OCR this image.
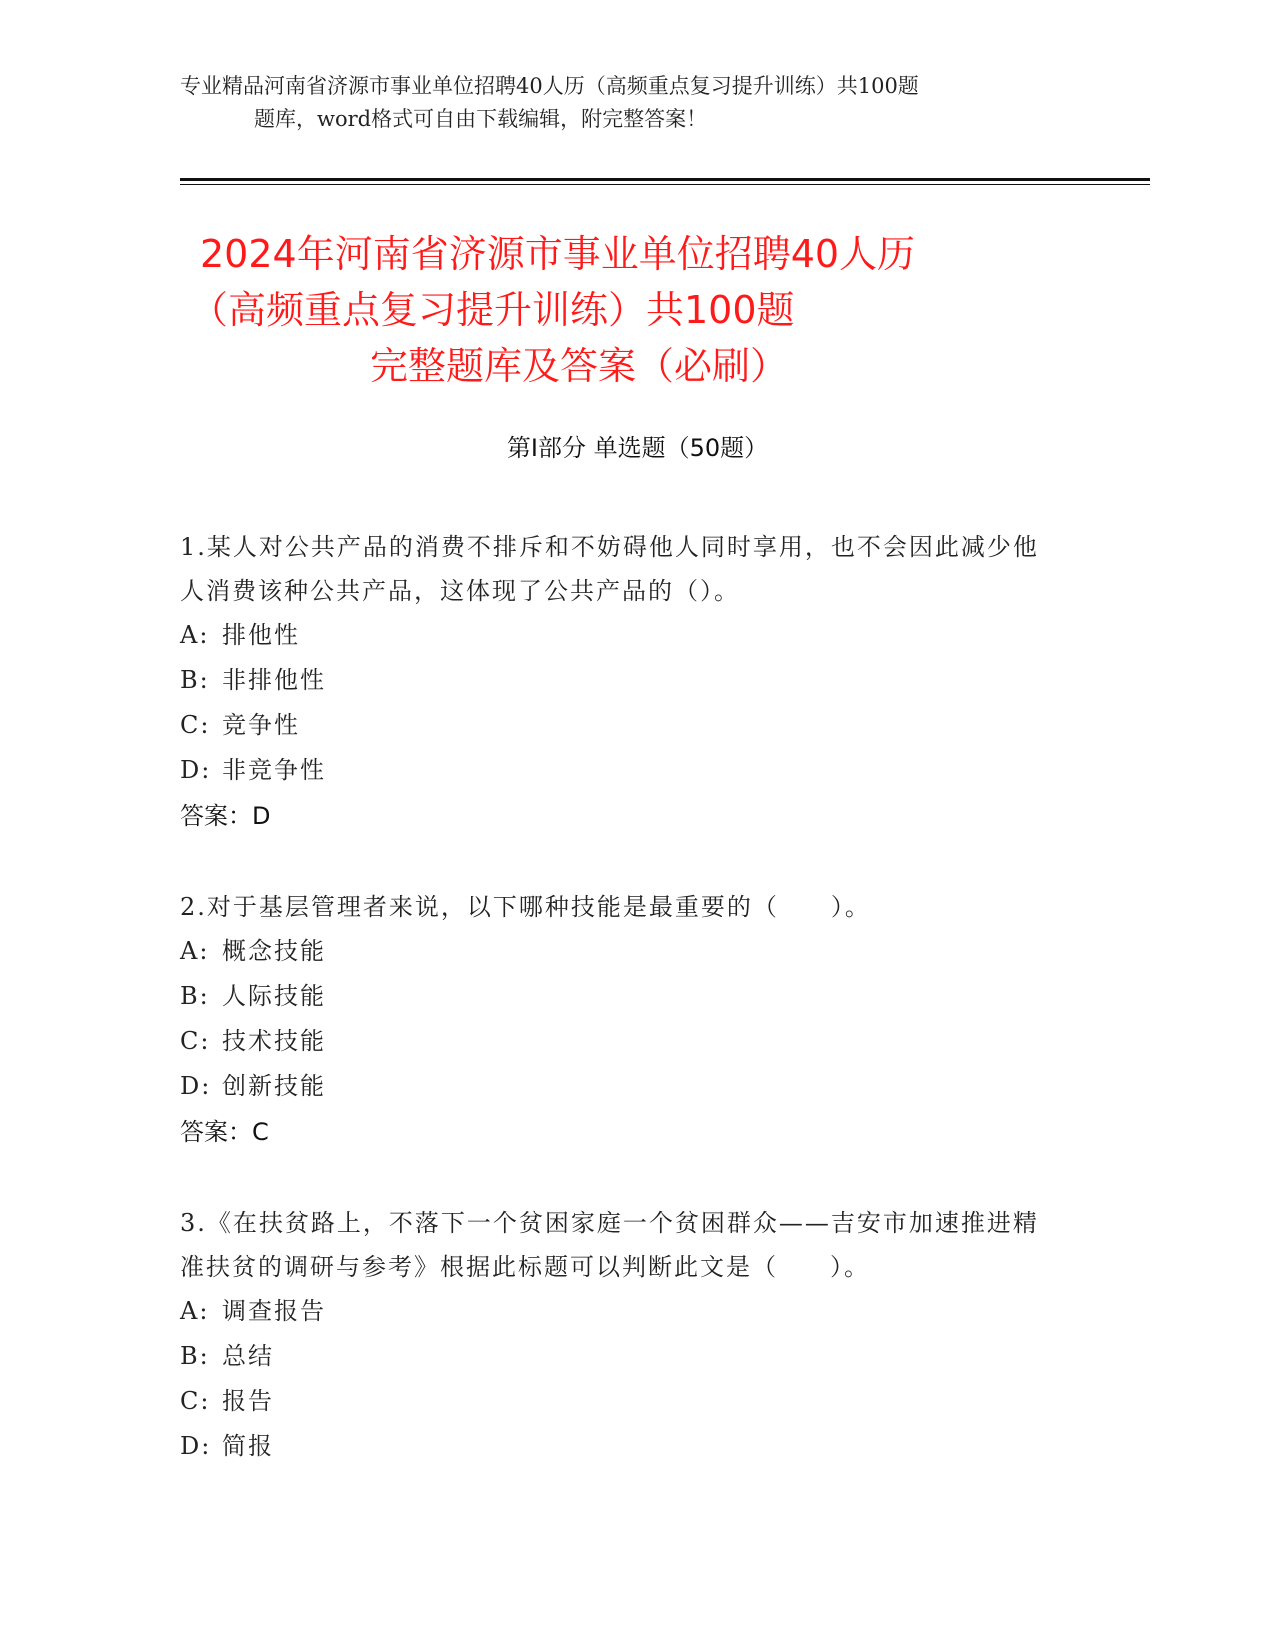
专业精品河南省济源市事业单位招聘40人历（高频重点复习提升训练）共100题
题库，word格式可自由下载编辑，附完整答案！
2024年河南省济源市事业单位招聘40人历
（高频重点复习提升训练）共100题
完整题库及答案（必刷）
第Ⅰ部分 单选题（50题）

1.某人对公共产品的消费不排斥和不妨碍他人同时享用，也不会因此减少他人消费该种公共产品，这体现了公共产品的（）。

A: 排他性
B: 非排他性
C: 竞争性
D: 非竞争性
答案：D

2.对于基层管理者来说，以下哪种技能是最重要的（　　）。

A: 概念技能
B: 人际技能
C: 技术技能
D: 创新技能
答案：C

3.《在扶贫路上，不落下一个贫困家庭一个贫困群众——吉安市加速推进精准扶贫的调研与参考》根据此标题可以判断此文是（　　）。

A: 调查报告
B: 总结
C: 报告
D: 简报
